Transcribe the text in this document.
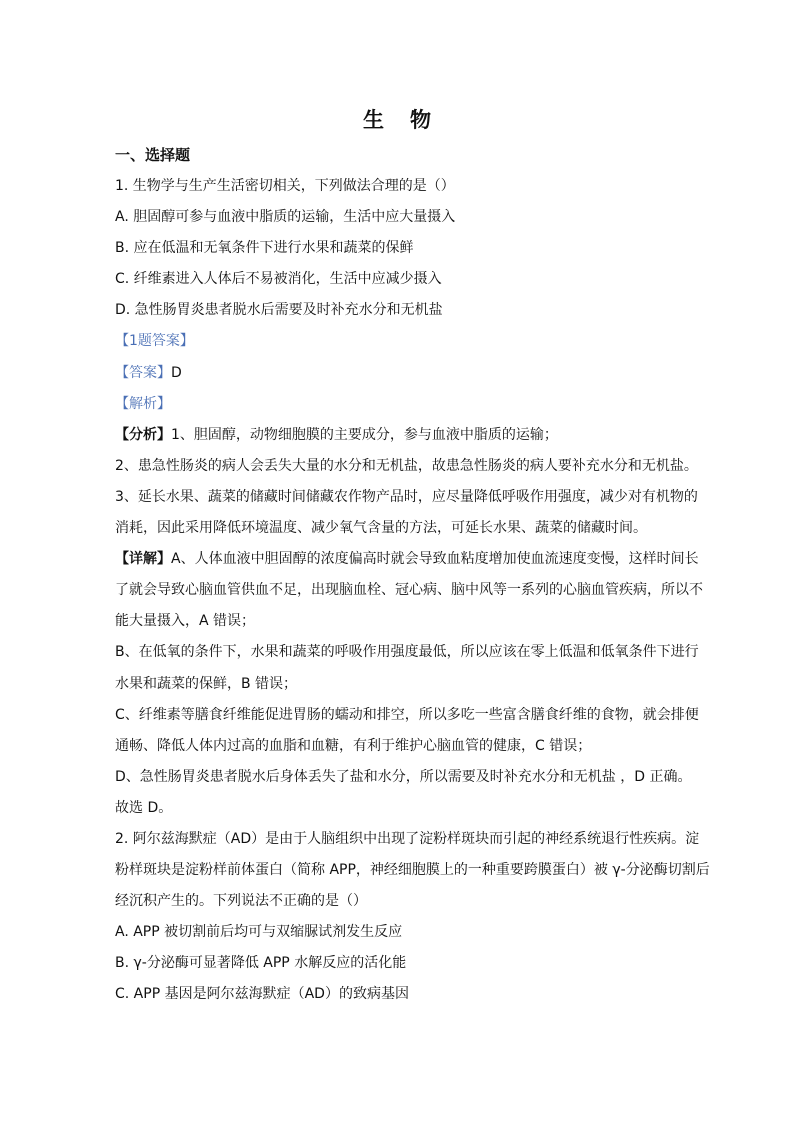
生 物
一、选择题
1. 生物学与生产生活密切相关，下列做法合理的是（）
A. 胆固醇可参与血液中脂质的运输，生活中应大量摄入
B. 应在低温和无氧条件下进行水果和蔬菜的保鲜
C. 纤维素进入人体后不易被消化，生活中应减少摄入
D. 急性肠胃炎患者脱水后需要及时补充水分和无机盐
【1题答案】
【答案】D
【解析】
【分析】1、胆固醇，动物细胞膜的主要成分，参与血液中脂质的运输；
2、患急性肠炎的病人会丢失大量的水分和无机盐，故患急性肠炎的病人要补充水分和无机盐。
3、延长水果、蔬菜的储藏时间储藏农作物产品时，应尽量降低呼吸作用强度，减少对有机物的
消耗，因此采用降低环境温度、减少氧气含量的方法，可延长水果、蔬菜的储藏时间。
【详解】A、人体血液中胆固醇的浓度偏高时就会导致血粘度增加使血流速度变慢，这样时间长
了就会导致心脑血管供血不足，出现脑血栓、冠心病、脑中风等一系列的心脑血管疾病，所以不
能大量摄入，A 错误；
B、在低氧的条件下，水果和蔬菜的呼吸作用强度最低，所以应该在零上低温和低氧条件下进行
水果和蔬菜的保鲜，B 错误；
C、纤维素等膳食纤维能促进胃肠的蠕动和排空，所以多吃一些富含膳食纤维的食物，就会排便
通畅、降低人体内过高的血脂和血糖，有利于维护心脑血管的健康，C 错误；
D、急性肠胃炎患者脱水后身体丢失了盐和水分，所以需要及时补充水分和无机盐 ，D 正确。
故选 D。
2. 阿尔兹海默症（AD）是由于人脑组织中出现了淀粉样斑块而引起的神经系统退行性疾病。淀
粉样斑块是淀粉样前体蛋白（简称 APP，神经细胞膜上的一种重要跨膜蛋白）被 γ-分泌酶切割后
经沉积产生的。下列说法不正确的是（）
A. APP 被切割前后均可与双缩脲试剂发生反应
B. γ-分泌酶可显著降低 APP 水解反应的活化能
C. APP 基因是阿尔兹海默症（AD）的致病基因
